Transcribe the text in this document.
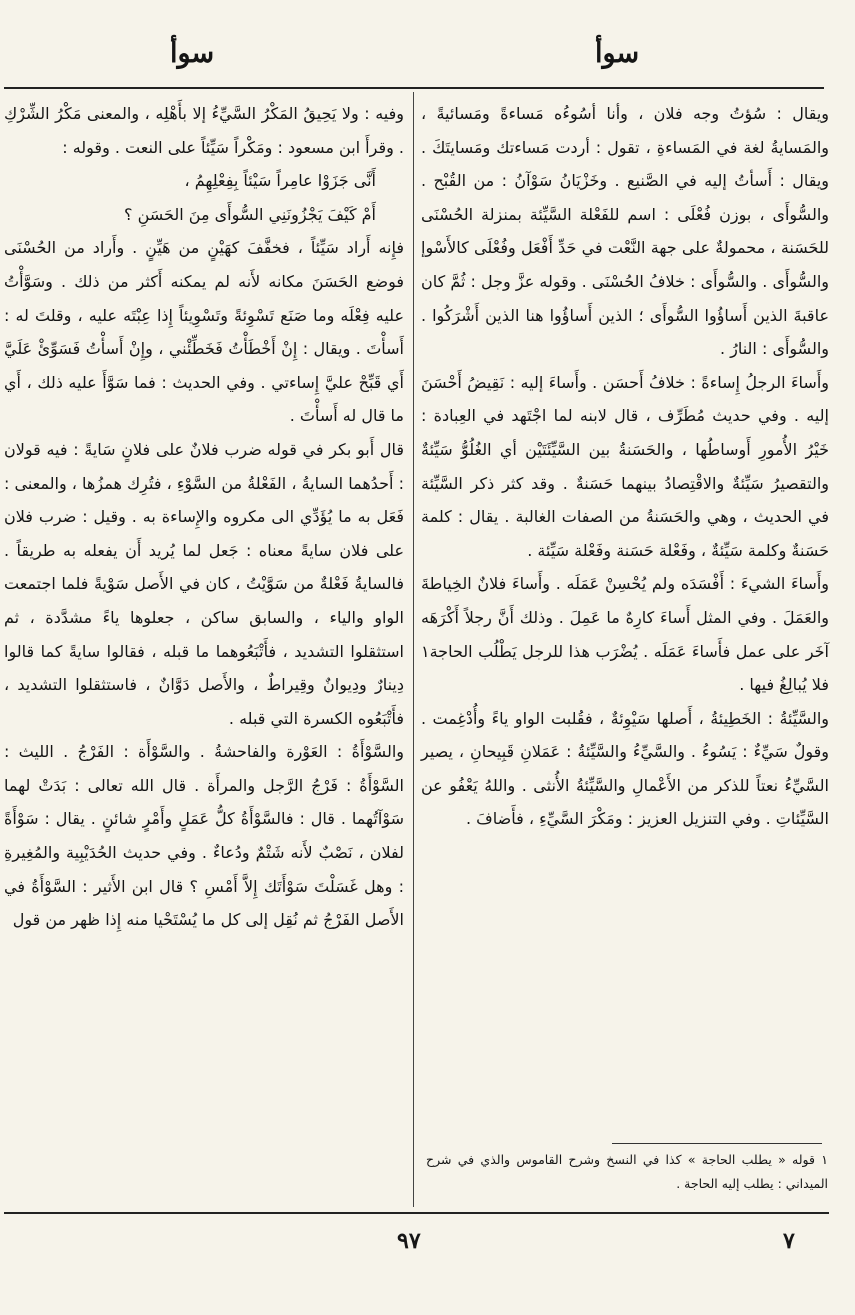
سوأ
سوأ

ويقال : سُؤتُ وجه فلان ، وأنا أسُوءُه مَساءةً ومَسائيةً ، والمَسايةُ لغة في المَساءةِ ، تقول : أردت مَساءتك ومَسايتَكَ . ويقال : أَسأتُ إليه في الصَّنيع . وخَزْيَانُ سَوْآنُ : من القُبْح . والسُّوأَى ، بوزن فُعْلَى : اسم للفَعْلة السَّيِّئة بمنزلة الحُسْنَى للحَسَنة ، محمولةٌ على جهة النَّعْت في حَدِّ أَفْعَل وفُعْلَى كالأَسْوإ والسُّوأَى . والسُّوأَى : خلافُ الحُسْنَى . وقوله عزَّ وجل : ثُمَّ كان عاقبةَ الذين أَساؤُوا السُّوأَى ؛ الذين أَساؤُوا هنا الذين أَشْرَكُوا . والسُّوأَى : النارُ .

وأَساءَ الرجلُ إِساءةً : خلافُ أَحسَن . وأَساءَ إليه : نَقِيضُ أَحْسَنَ إليه . وفي حديث مُطَرِّف ، قال لابنه لما اجْتَهد في العِبادة : خَيْرُ الأُمورِ أَوساطُها ، والحَسَنةُ بين السَّيِّئَتَيْن أي الغُلُوُّ سَيِّئةٌ والتقصيرُ سَيِّئةٌ والاقْتِصادُ بينهما حَسَنةٌ . وقد كثر ذكر السَّيِّئة في الحديث ، وهي والحَسَنةُ من الصفات الغالبة . يقال : كلمة حَسَنةٌ وكلمة سَيِّئةٌ ، وفَعْلة حَسَنة وفَعْلة سَيِّئة .

وأَساءَ الشيءَ : أَفْسَدَه ولم يُحْسِنْ عَمَلَه . وأَساءَ فلانٌ الخِياطةَ والعَمَلَ . وفي المثل أَساءَ كارِهٌ ما عَمِلَ . وذلك أَنَّ رجلاً أَكْرَهَه آخَر على عمل فأَساءَ عَمَلَه . يُضْرَب هذا للرجل يَطْلُب الحاجة١ فلا يُبالِغُ فيها .

والسَّيِّئةُ : الخَطِيئةُ ، أَصلها سَيْوِئةٌ ، فقُلبت الواو ياءً وأُدْغِمت . وقولٌ سَيِّءٌ : يَسُوءُ . والسَّيِّءُ والسَّيِّئةُ : عَمَلانِ قَبِيحانِ ، يصير السَّيِّءُ نعتاً للذكر من الأَعْمالِ والسَّيِّئةُ الأُنثى . واللهُ يَعْفُو عن السَّيِّئاتِ . وفي التنزيل العزيز : ومَكْرَ السَّيِّءِ ، فأَضافَ .

١ قوله « يطلب الحاجة » كذا في النسخ وشرح القاموس والذي في شرح الميداني : يطلب إليه الحاجة .

وفيه : ولا يَحِيقُ المَكْرُ السَّيِّءُ إلا بأَهْلِه ، والمعنى مَكْرُ الشِّرْكِ . وقرأَ ابن مسعود : ومَكْراً سَيِّئاً على النعت . وقوله :

أَنَّى جَزَوْا عامِراً سَيْئاً بِفِعْلِهِمُ ،

أَمْ كَيْفَ يَجْزُونَنِي السُّوأَى مِنَ الحَسَنِ ؟

فإِنه أَراد سَيِّئاً ، فخفَّفَ كهَيْنٍ من هَيِّنٍ . وأَراد من الحُسْنَى فوضع الحَسَنَ مكانه لأَنه لم يمكنه أَكثر من ذلك . وسَوَّأْتُ عليه فِعْلَه وما صَنَع تَسْوِئةً وتَسْوِيئاً إِذا عِبْتَه عليه ، وقلتَ له : أَسأْتَ . ويقال : إِنْ أَخْطَأْتُ فَخَطِّئْني ، وإِنْ أَسأْتُ فَسَوِّئْ عَلَيَّ أَي قَبِّحْ عليَّ إِساءتي . وفي الحديث : فما سَوَّأَ عليه ذلك ، أَي ما قال له أَسأْتَ .

قال أَبو بكر في قوله ضرب فلانٌ على فلانٍ سَايةً : فيه قولان : أَحدُهما السايةُ ، الفَعْلةُ من السَّوْءِ ، فتُرِك همزُها ، والمعنى : فَعَل به ما يُؤَدِّي الى مكروه والإِساءة به . وقيل : ضرب فلان على فلان سايةً معناه : جَعل لما يُريد أَن يفعله به طريقاً . فالسايةُ فَعْلةٌ من سَوَّيْتُ ، كان في الأَصل سَوْيةً فلما اجتمعت الواو والياء ، والسابق ساكن ، جعلوها ياءً مشدَّدة ، ثم استثقلوا التشديد ، فأَتْبَعُوهما ما قبله ، فقالوا سايةً كما قالوا دِينارٌ ودِيوانٌ وقِيراطٌ ، والأَصل دَوَّانٌ ، فاستثقلوا التشديد ، فأَتْبَعُوه الكسرة التي قبله .

والسَّوْأَةُ : العَوْرة والفاحشةُ . والسَّوْأَة : الفَرْجُ . الليث : السَّوْأَةُ : فَرْجُ الرَّجل والمرأَة . قال الله تعالى : بَدَتْ لهما سَوْآتُهما . قال : فالسَّوْأَةُ كلُّ عَمَلٍ وأَمْرٍ شائنٍ . يقال : سَوْأَةً لفلان ، نَصْبٌ لأَنه شَتْمٌ ودُعاءٌ . وفي حديث الحُدَيْبِية والمُغِيرةِ : وهل غَسَلْتَ سَوْأَتَك إِلاَّ أَمْسِ ؟ قال ابن الأَثير : السَّوْأَةُ في الأَصل الفَرْجُ ثم نُقِل إلى كل ما يُسْتَحْيا منه إِذا ظهر من قول

٩٧	٧
